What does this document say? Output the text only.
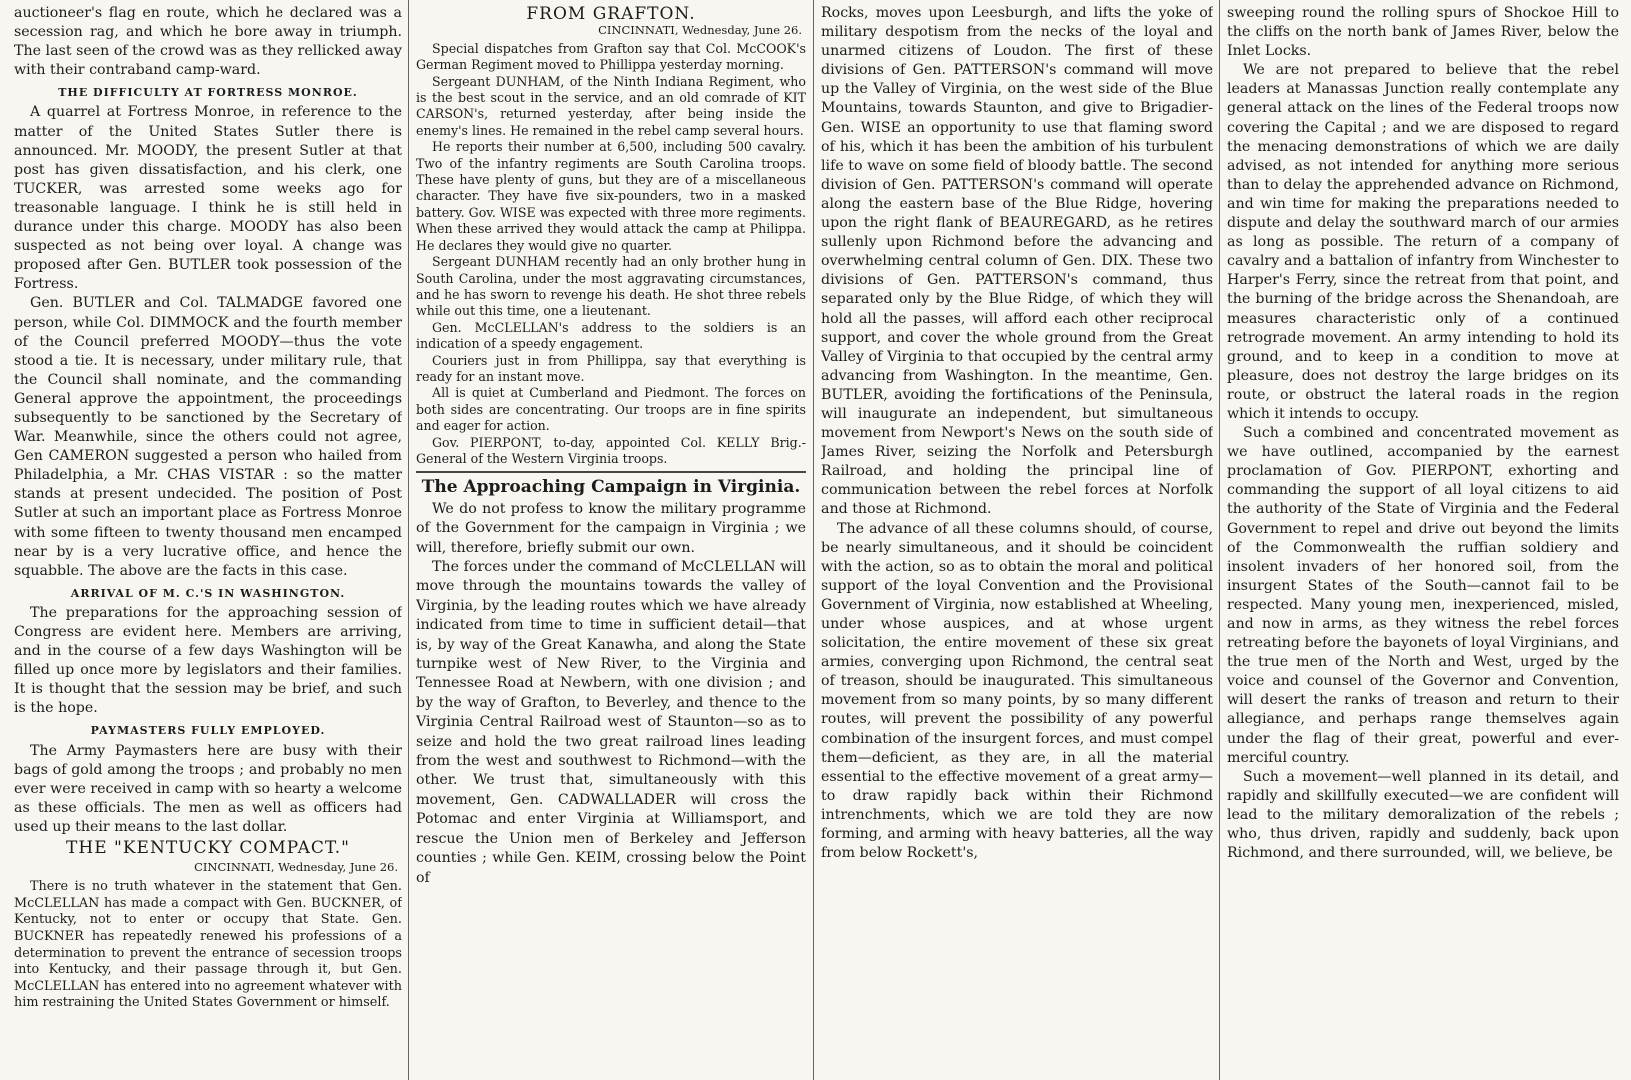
auctioneer's flag en route, which he declared was a secession rag, and which he bore away in triumph. The last seen of the crowd was as they rellicked away with their contraband camp-ward.

THE DIFFICULTY AT FORTRESS MONROE.

A quarrel at Fortress Monroe, in reference to the matter of the United States Sutler there is announced. Mr. MOODY, the present Sutler at that post has given dissatisfaction, and his clerk, one TUCKER, was arrested some weeks ago for treasonable language. I think he is still held in durance under this charge. MOODY has also been suspected as not being over loyal. A change was proposed after Gen. BUTLER took possession of the Fortress.

Gen. BUTLER and Col. TALMADGE favored one person, while Col. DIMMOCK and the fourth member of the Council preferred MOODY—thus the vote stood a tie. It is necessary, under military rule, that the Council shall nominate, and the commanding General approve the appointment, the proceedings subsequently to be sanctioned by the Secretary of War. Meanwhile, since the others could not agree, Gen CAMERON suggested a person who hailed from Philadelphia, a Mr. CHAS VISTAR : so the matter stands at present undecided. The position of Post Sutler at such an important place as Fortress Monroe with some fifteen to twenty thousand men encamped near by is a very lucrative office, and hence the squabble. The above are the facts in this case.

ARRIVAL OF M. C.'S IN WASHINGTON.

The preparations for the approaching session of Congress are evident here. Members are arriving, and in the course of a few days Washington will be filled up once more by legislators and their families. It is thought that the session may be brief, and such is the hope.

PAYMASTERS FULLY EMPLOYED.

The Army Paymasters here are busy with their bags of gold among the troops ; and probably no men ever were received in camp with so hearty a welcome as these officials. The men as well as officers had used up their means to the last dollar.

THE "KENTUCKY COMPACT."
CINCINNATI, Wednesday, June 26.

There is no truth whatever in the statement that Gen. McCLELLAN has made a compact with Gen. BUCKNER, of Kentucky, not to enter or occupy that State. Gen. BUCKNER has repeatedly renewed his professions of a determination to prevent the entrance of secession troops into Kentucky, and their passage through it, but Gen. McCLELLAN has entered into no agreement whatever with him restraining the United States Government or himself.

FROM GRAFTON.
CINCINNATI, Wednesday, June 26.

Special dispatches from Grafton say that Col. McCOOK's German Regiment moved to Phillippa yesterday morning.

Sergeant DUNHAM, of the Ninth Indiana Regiment, who is the best scout in the service, and an old comrade of KIT CARSON's, returned yesterday, after being inside the enemy's lines. He remained in the rebel camp several hours.

He reports their number at 6,500, including 500 cavalry. Two of the infantry regiments are South Carolina troops. These have plenty of guns, but they are of a miscellaneous character. They have five six-pounders, two in a masked battery. Gov. WISE was expected with three more regiments. When these arrived they would attack the camp at Philippa. He declares they would give no quarter.

Sergeant DUNHAM recently had an only brother hung in South Carolina, under the most aggravating circumstances, and he has sworn to revenge his death. He shot three rebels while out this time, one a lieutenant.

Gen. McCLELLAN's address to the soldiers is an indication of a speedy engagement.

Couriers just in from Phillippa, say that everything is ready for an instant move.

All is quiet at Cumberland and Piedmont. The forces on both sides are concentrating. Our troops are in fine spirits and eager for action.

Gov. PIERPONT, to-day, appointed Col. KELLY Brig.-General of the Western Virginia troops.

The Approaching Campaign in Virginia.

We do not profess to know the military programme of the Government for the campaign in Virginia ; we will, therefore, briefly submit our own.

The forces under the command of McCLELLAN will move through the mountains towards the valley of Virginia, by the leading routes which we have already indicated from time to time in sufficient detail—that is, by way of the Great Kanawha, and along the State turnpike west of New River, to the Virginia and Tennessee Road at Newbern, with one division ; and by the way of Grafton, to Beverley, and thence to the Virginia Central Railroad west of Staunton—so as to seize and hold the two great railroad lines leading from the west and southwest to Richmond—with the other. We trust that, simultaneously with this movement, Gen. CADWALLADER will cross the Potomac and enter Virginia at Williamsport, and rescue the Union men of Berkeley and Jefferson counties ; while Gen. KEIM, crossing below the Point of

Rocks, moves upon Leesburgh, and lifts the yoke of military despotism from the necks of the loyal and unarmed citizens of Loudon. The first of these divisions of Gen. PATTERSON's command will move up the Valley of Virginia, on the west side of the Blue Mountains, towards Staunton, and give to Brigadier-Gen. WISE an opportunity to use that flaming sword of his, which it has been the ambition of his turbulent life to wave on some field of bloody battle. The second division of Gen. PATTERSON's command will operate along the eastern base of the Blue Ridge, hovering upon the right flank of BEAUREGARD, as he retires sullenly upon Richmond before the advancing and overwhelming central column of Gen. DIX. These two divisions of Gen. PATTERSON's command, thus separated only by the Blue Ridge, of which they will hold all the passes, will afford each other reciprocal support, and cover the whole ground from the Great Valley of Virginia to that occupied by the central army advancing from Washington. In the meantime, Gen. BUTLER, avoiding the fortifications of the Peninsula, will inaugurate an independent, but simultaneous movement from Newport's News on the south side of James River, seizing the Norfolk and Petersburgh Railroad, and holding the principal line of communication between the rebel forces at Norfolk and those at Richmond.

The advance of all these columns should, of course, be nearly simultaneous, and it should be coincident with the action, so as to obtain the moral and political support of the loyal Convention and the Provisional Government of Virginia, now established at Wheeling, under whose auspices, and at whose urgent solicitation, the entire movement of these six great armies, converging upon Richmond, the central seat of treason, should be inaugurated. This simultaneous movement from so many points, by so many different routes, will prevent the possibility of any powerful combination of the insurgent forces, and must compel them—deficient, as they are, in all the material essential to the effective movement of a great army—to draw rapidly back within their Richmond intrenchments, which we are told they are now forming, and arming with heavy batteries, all the way from below Rockett's,

sweeping round the rolling spurs of Shockoe Hill to the cliffs on the north bank of James River, below the Inlet Locks.

We are not prepared to believe that the rebel leaders at Manassas Junction really contemplate any general attack on the lines of the Federal troops now covering the Capital ; and we are disposed to regard the menacing demonstrations of which we are daily advised, as not intended for anything more serious than to delay the apprehended advance on Richmond, and win time for making the preparations needed to dispute and delay the southward march of our armies as long as possible. The return of a company of cavalry and a battalion of infantry from Winchester to Harper's Ferry, since the retreat from that point, and the burning of the bridge across the Shenandoah, are measures characteristic only of a continued retrograde movement. An army intending to hold its ground, and to keep in a condition to move at pleasure, does not destroy the large bridges on its route, or obstruct the lateral roads in the region which it intends to occupy.

Such a combined and concentrated movement as we have outlined, accompanied by the earnest proclamation of Gov. PIERPONT, exhorting and commanding the support of all loyal citizens to aid the authority of the State of Virginia and the Federal Government to repel and drive out beyond the limits of the Commonwealth the ruffian soldiery and insolent invaders of her honored soil, from the insurgent States of the South—cannot fail to be respected. Many young men, inexperienced, misled, and now in arms, as they witness the rebel forces retreating before the bayonets of loyal Virginians, and the true men of the North and West, urged by the voice and counsel of the Governor and Convention, will desert the ranks of treason and return to their allegiance, and perhaps range themselves again under the flag of their great, powerful and ever-merciful country.

Such a movement—well planned in its detail, and rapidly and skillfully executed—we are confident will lead to the military demoralization of the rebels ; who, thus driven, rapidly and suddenly, back upon Richmond, and there surrounded, will, we believe, be
